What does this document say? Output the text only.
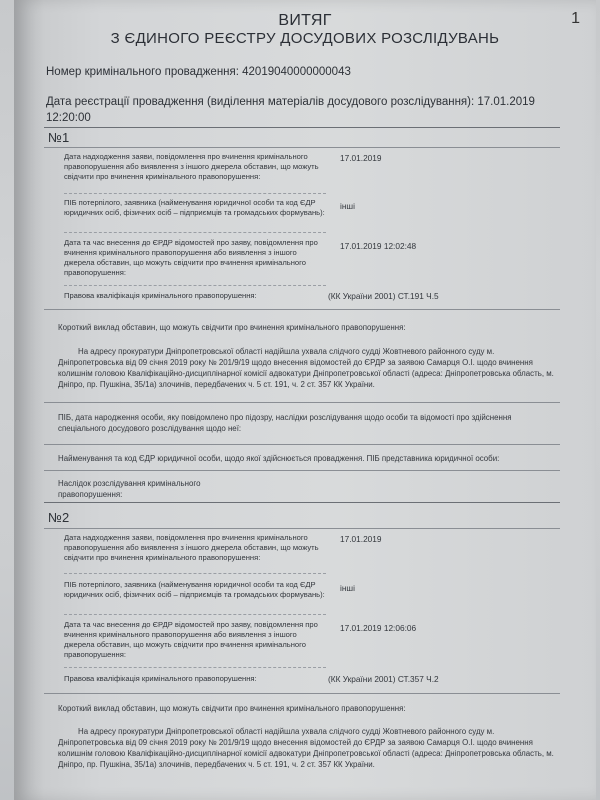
1
ВИТЯГ
З ЄДИНОГО РЕЄСТРУ ДОСУДОВИХ РОЗСЛІДУВАНЬ
Номер кримінального провадження: 42019040000000043
Дата реєстрації провадження (виділення матеріалів досудового розслідування): 17.01.2019 12:20:00
№1
Дата надходження заяви, повідомлення про вчинення кримінального правопорушення або виявлення з іншого джерела обставин, що можуть свідчити про вчинення кримінального правопорушення:
17.01.2019
ПІБ потерпілого, заявника (найменування юридичної особи та код ЄДР юридичних осіб, фізичних осіб – підприємців та громадських формувань):
інші
Дата та час внесення до ЄРДР відомостей про заяву, повідомлення про вчинення кримінального правопорушення або виявлення з іншого джерела обставин, що можуть свідчити про вчинення кримінального правопорушення:
17.01.2019 12:02:48
Правова кваліфікація кримінального правопорушення:	(КК України 2001) СТ.191 Ч.5
Короткий виклад обставин, що можуть свідчити про вчинення кримінального правопорушення:
На адресу прокуратури Дніпропетровської області надійшла ухвала слідчого судді Жовтневого районного суду м. Дніпропетровська від 09 січня 2019 року № 201/9/19 щодо внесення відомостей до ЄРДР за заявою Самарця О.І. щодо вчинення колишнім головою Кваліфікаційно-дисциплінарної комісії адвокатури Дніпропетровської області (адреса: Дніпропетровська область, м. Дніпро, пр. Пушкіна, 35/1а) злочинів, передбачених ч. 5 ст. 191, ч. 2 ст. 357 КК України.
ПІБ, дата народження особи, яку повідомлено про підозру, наслідки розслідування щодо особи та відомості про здійснення спеціального досудового розслідування щодо неї:
Найменування та код ЄДР юридичної особи, щодо якої здійснюється провадження. ПІБ представника юридичної особи:
Наслідок розслідування кримінального правопорушення:
№2
Дата надходження заяви, повідомлення про вчинення кримінального правопорушення або виявлення з іншого джерела обставин, що можуть свідчити про вчинення кримінального правопорушення:
17.01.2019
ПІБ потерпілого, заявника (найменування юридичної особи та код ЄДР юридичних осіб, фізичних осіб – підприємців та громадських формувань):
інші
Дата та час внесення до ЄРДР відомостей про заяву, повідомлення про вчинення кримінального правопорушення або виявлення з іншого джерела обставин, що можуть свідчити про вчинення кримінального правопорушення:
17.01.2019 12:06:06
Правова кваліфікація кримінального правопорушення:	(КК України 2001) СТ.357 Ч.2
Короткий виклад обставин, що можуть свідчити про вчинення кримінального правопорушення:
На адресу прокуратури Дніпропетровської області надійшла ухвала слідчого судді Жовтневого районного суду м. Дніпропетровська від 09 січня 2019 року № 201/9/19 щодо внесення відомостей до ЄРДР за заявою Самарця О.І. щодо вчинення колишнім головою Кваліфікаційно-дисциплінарної комісії адвокатури Дніпропетровської області (адреса: Дніпропетровська область, м. Дніпро, пр. Пушкіна, 35/1а) злочинів, передбачених ч. 5 ст. 191, ч. 2 ст. 357 КК України.
